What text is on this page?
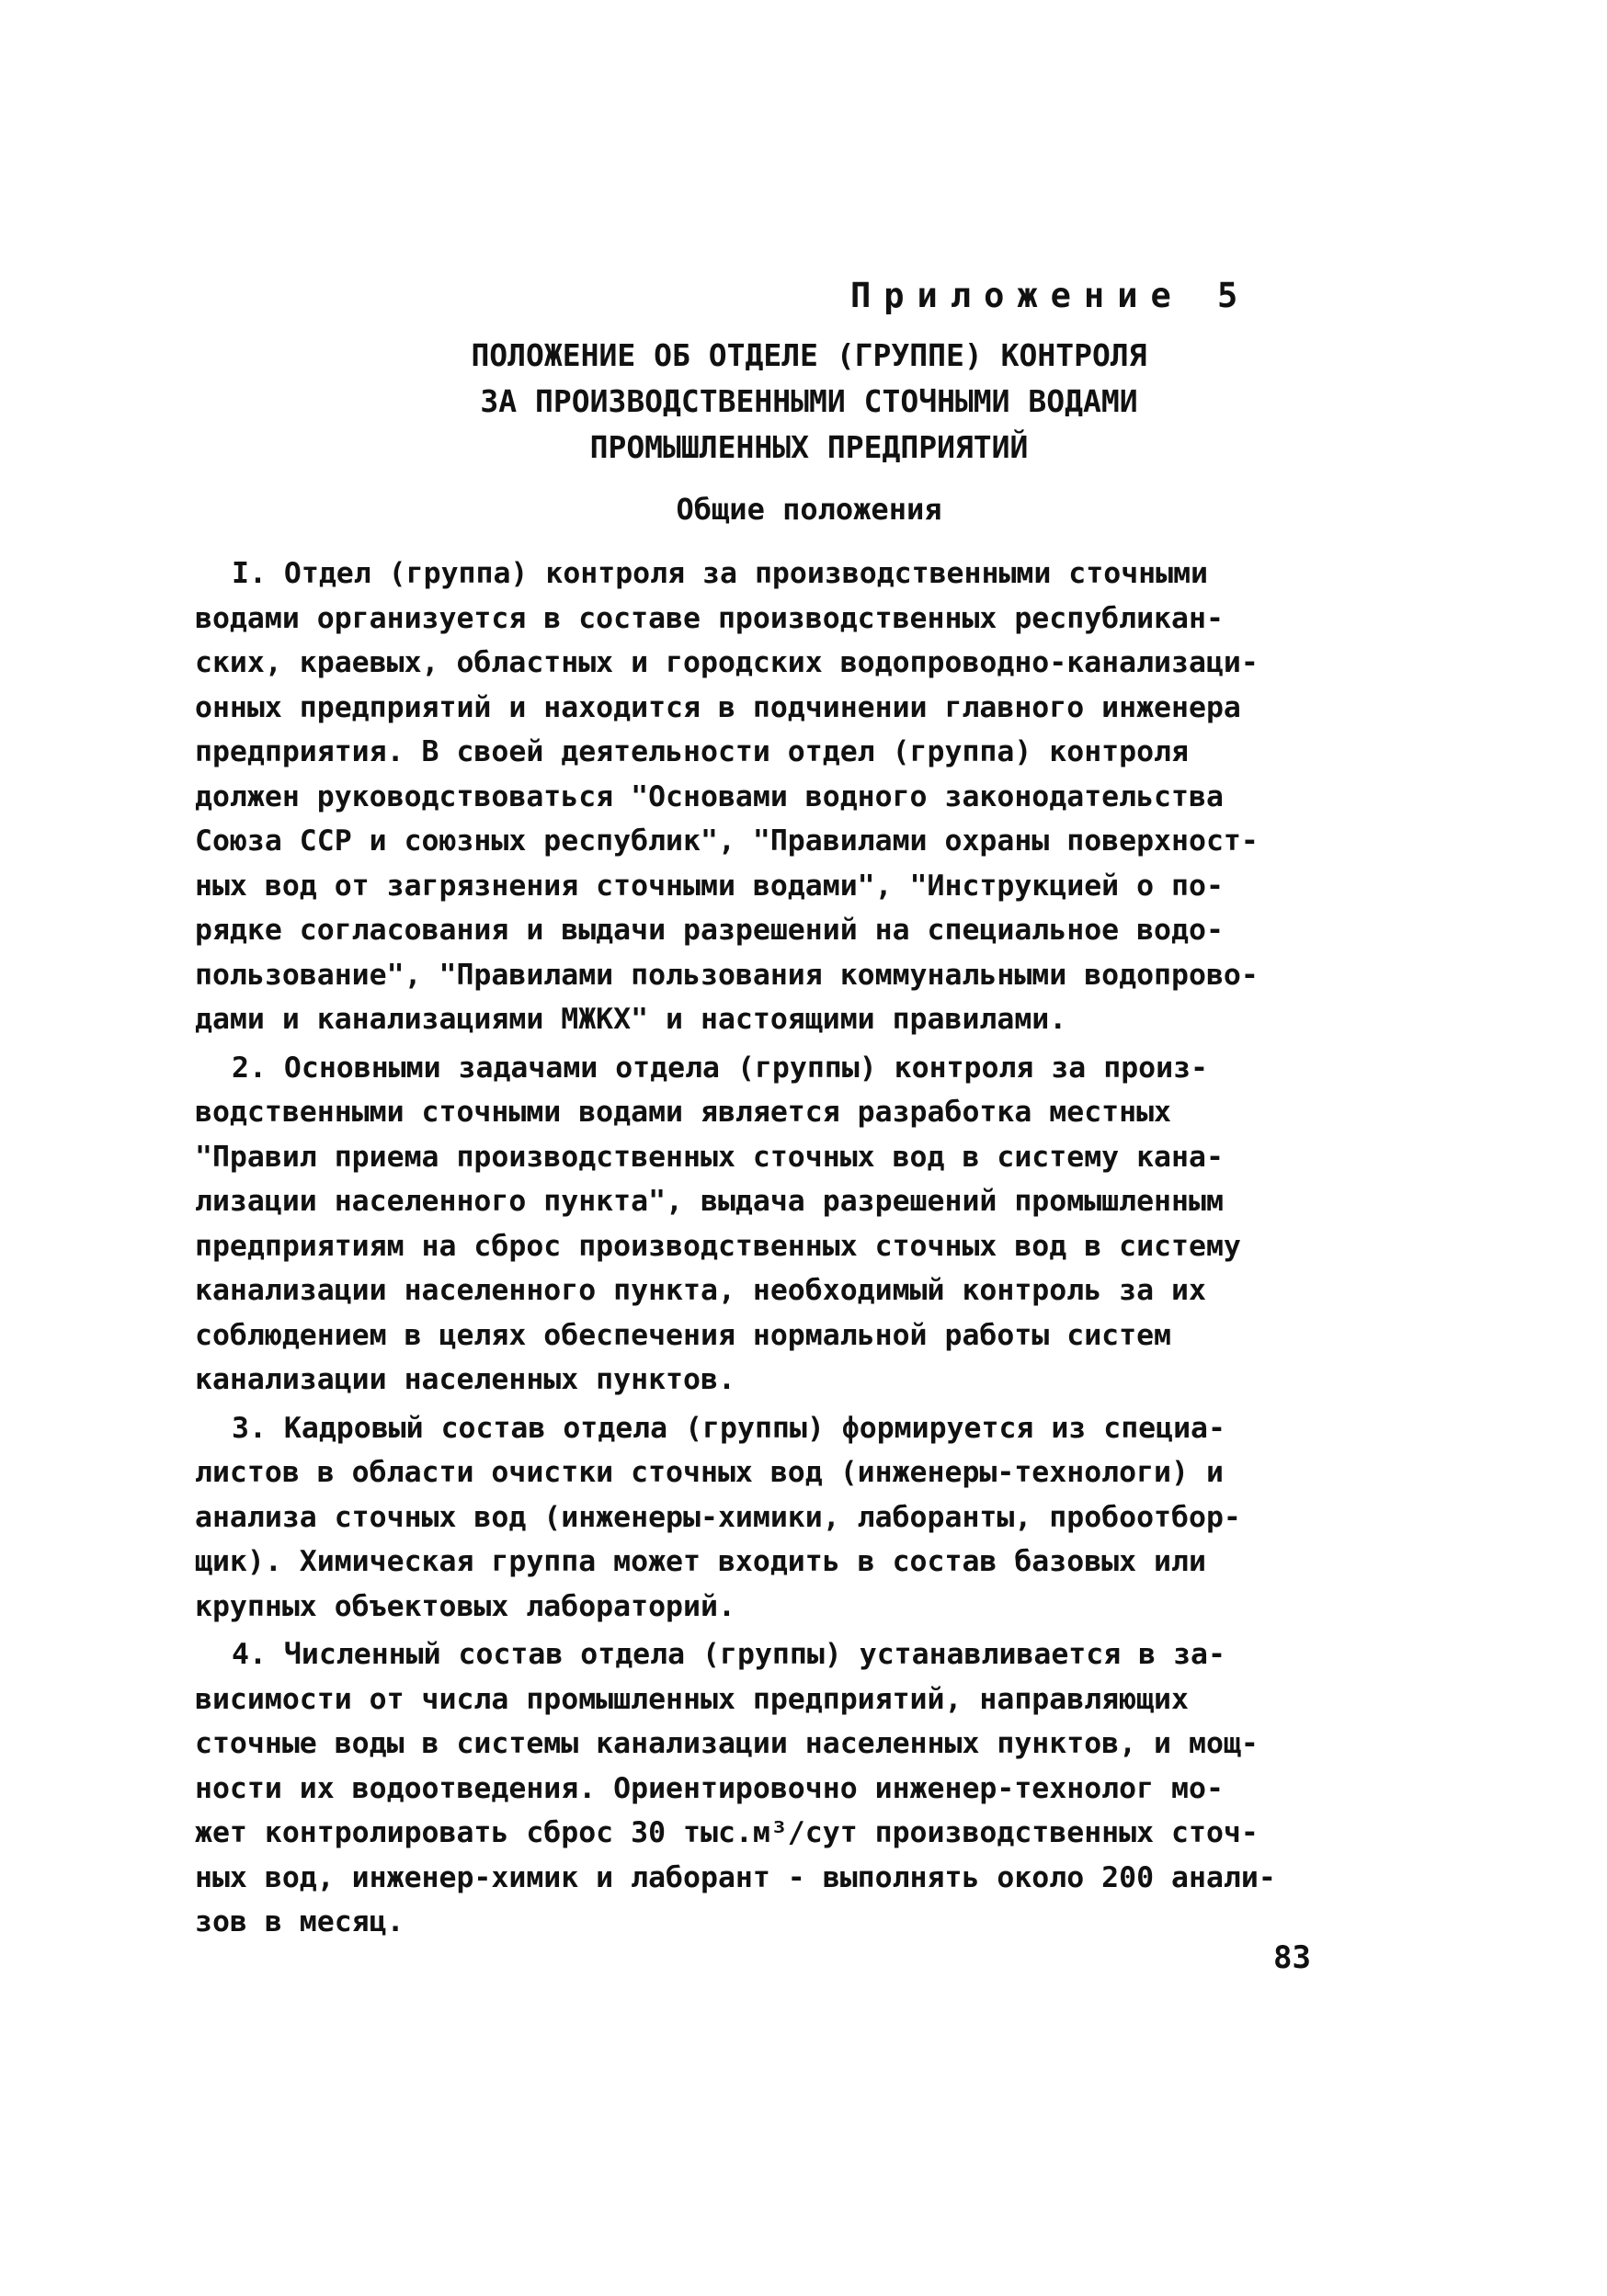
Приложение 5
ПОЛОЖЕНИЕ ОБ ОТДЕЛЕ (ГРУППЕ) КОНТРОЛЯ
ЗА ПРОИЗВОДСТВЕННЫМИ СТОЧНЫМИ ВОДАМИ
ПРОМЫШЛЕННЫХ ПРЕДПРИЯТИЙ
Общие положения
I. Отдел (группа) контроля за производственными сточными
водами организуется в составе производственных республикан-
ских, краевых, областных и городских водопроводно-канализаци-
онных предприятий и находится в подчинении главного инженера
предприятия. В своей деятельности отдел (группа) контроля
должен руководствоваться "Основами водного законодательства
Союза ССР и союзных республик", "Правилами охраны поверхност-
ных вод от загрязнения сточными водами", "Инструкцией о по-
рядке согласования и выдачи разрешений на специальное водо-
пользование", "Правилами пользования коммунальными водопрово-
дами и канализациями МЖКХ" и настоящими правилами.
2. Основными задачами отдела (группы) контроля за произ-
водственными сточными водами является разработка местных
"Правил приема производственных сточных вод в систему кана-
лизации населенного пункта", выдача разрешений промышленным
предприятиям на сброс производственных сточных вод в систему
канализации населенного пункта, необходимый контроль за их
соблюдением в целях обеспечения нормальной работы систем
канализации населенных пунктов.
3. Кадровый состав отдела (группы) формируется из специа-
листов в области очистки сточных вод (инженеры-технологи) и
анализа сточных вод (инженеры-химики, лаборанты, пробоотбор-
щик). Химическая группа может входить в состав базовых или
крупных объектовых лабораторий.
4. Численный состав отдела (группы) устанавливается в за-
висимости от числа промышленных предприятий, направляющих
сточные воды в системы канализации населенных пунктов, и мощ-
ности их водоотведения. Ориентировочно инженер-технолог мо-
жет контролировать сброс 30 тыс.м³/сут производственных сточ-
ных вод, инженер-химик и лаборант - выполнять около 200 анали-
зов в месяц.
83
